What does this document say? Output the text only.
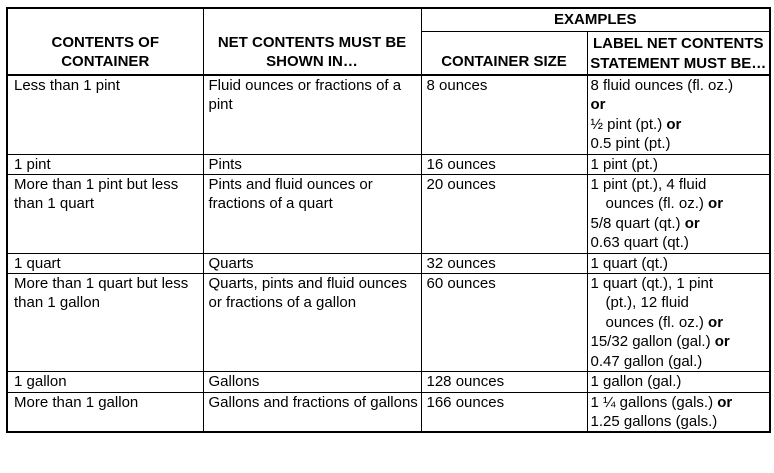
CONTENTS OF CONTAINER	NET CONTENTS MUST BE SHOWN IN…	EXAMPLES	
		CONTAINER SIZE	LABEL NET CONTENTS STATEMENT MUST BE…
Less than 1 pint	Fluid ounces or fractions of a pint	8 ounces	8 fluid ounces (fl. oz.)
or
½ pint (pt.) or
0.5 pint (pt.)

1 pint	Pints	16 ounces	1 pint (pt.)

More than 1 pint but less than 1 quart	Pints and fluid ounces or fractions of a quart	20 ounces	1 pint (pt.), 4 fluid
ounces (fl. oz.) or
5/8 quart (qt.) or
0.63 quart (qt.)

1 quart	Quarts	32 ounces	1 quart (qt.)

More than 1 quart but less than 1 gallon	Quarts, pints and fluid ounces or fractions of a gallon	60 ounces	1 quart (qt.), 1 pint
(pt.), 12 fluid
ounces (fl. oz.) or
15/32 gallon (gal.) or
0.47 gallon (gal.)

1 gallon	Gallons	128 ounces	1 gallon (gal.)

More than 1 gallon	Gallons and fractions of gallons	166 ounces	1 ¼ gallons (gals.) or
1.25 gallons (gals.)
